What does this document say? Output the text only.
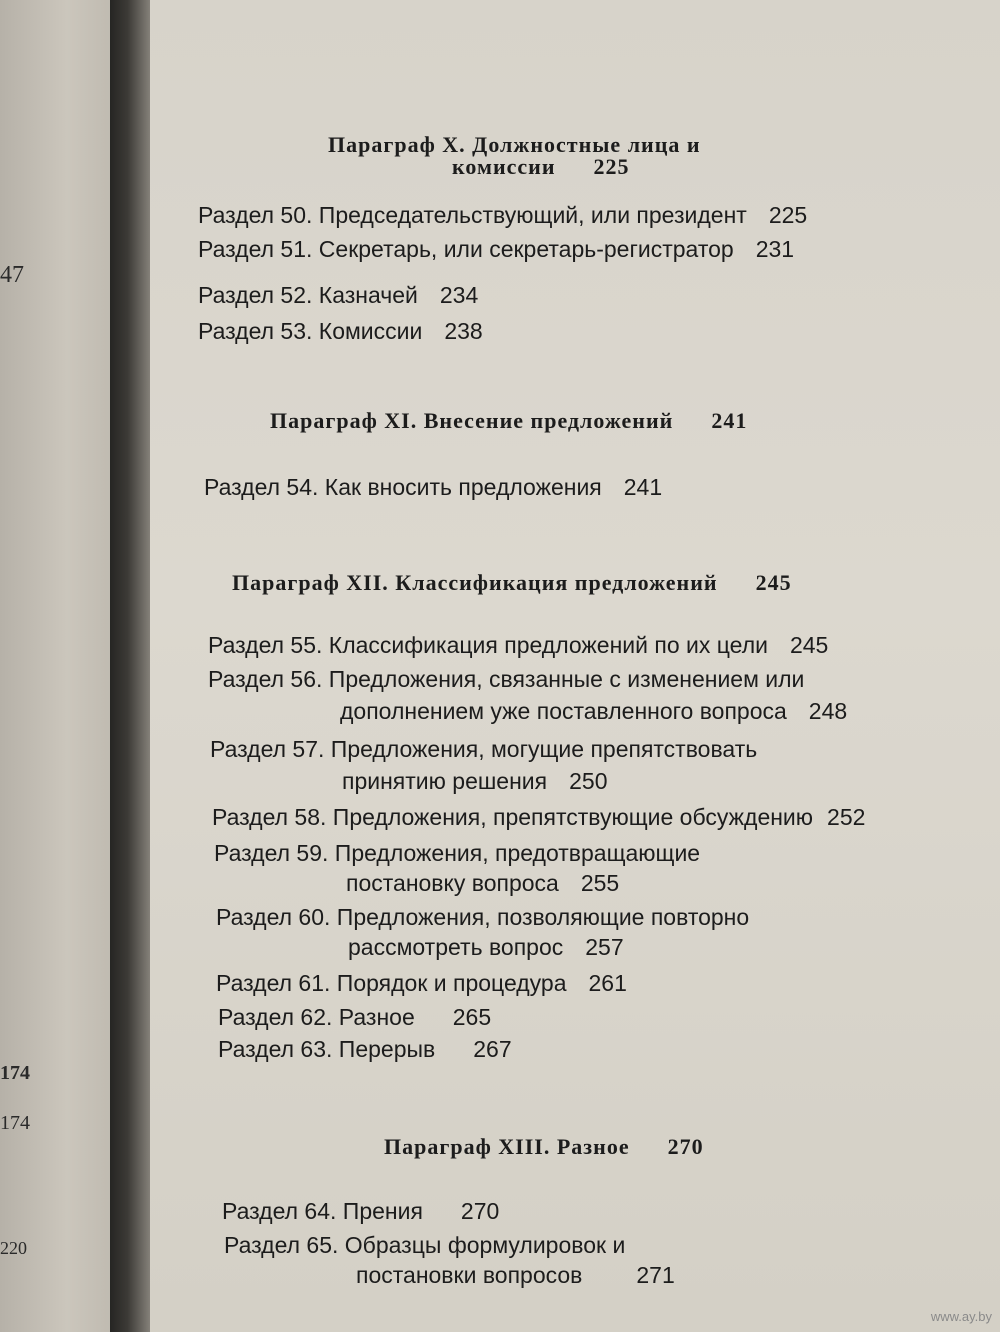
47
174
174
220
Параграф X. Должностные лица и
комиссии 225
Раздел 50. Председательствующий, или президент 225
Раздел 51. Секретарь, или секретарь-регистратор 231
Раздел 52. Казначей 234
Раздел 53. Комиссии 238
Параграф XI. Внесение предложений 241
Раздел 54. Как вносить предложения 241
Параграф XII. Классификация предложений 245
Раздел 55. Классификация предложений по их цели 245
Раздел 56. Предложения, связанные с изменением или
дополнением уже поставленного вопроса 248
Раздел 57. Предложения, могущие препятствовать
принятию решения 250
Раздел 58. Предложения, препятствующие обсуждению 252
Раздел 59. Предложения, предотвращающие
постановку вопроса 255
Раздел 60. Предложения, позволяющие повторно
рассмотреть вопрос 257
Раздел 61. Порядок и процедура 261
Раздел 62. Разное 265
Раздел 63. Перерыв 267
Параграф XIII. Разное 270
Раздел 64. Прения 270
Раздел 65. Образцы формулировок и
постановки вопросов 271
www.ay.by
